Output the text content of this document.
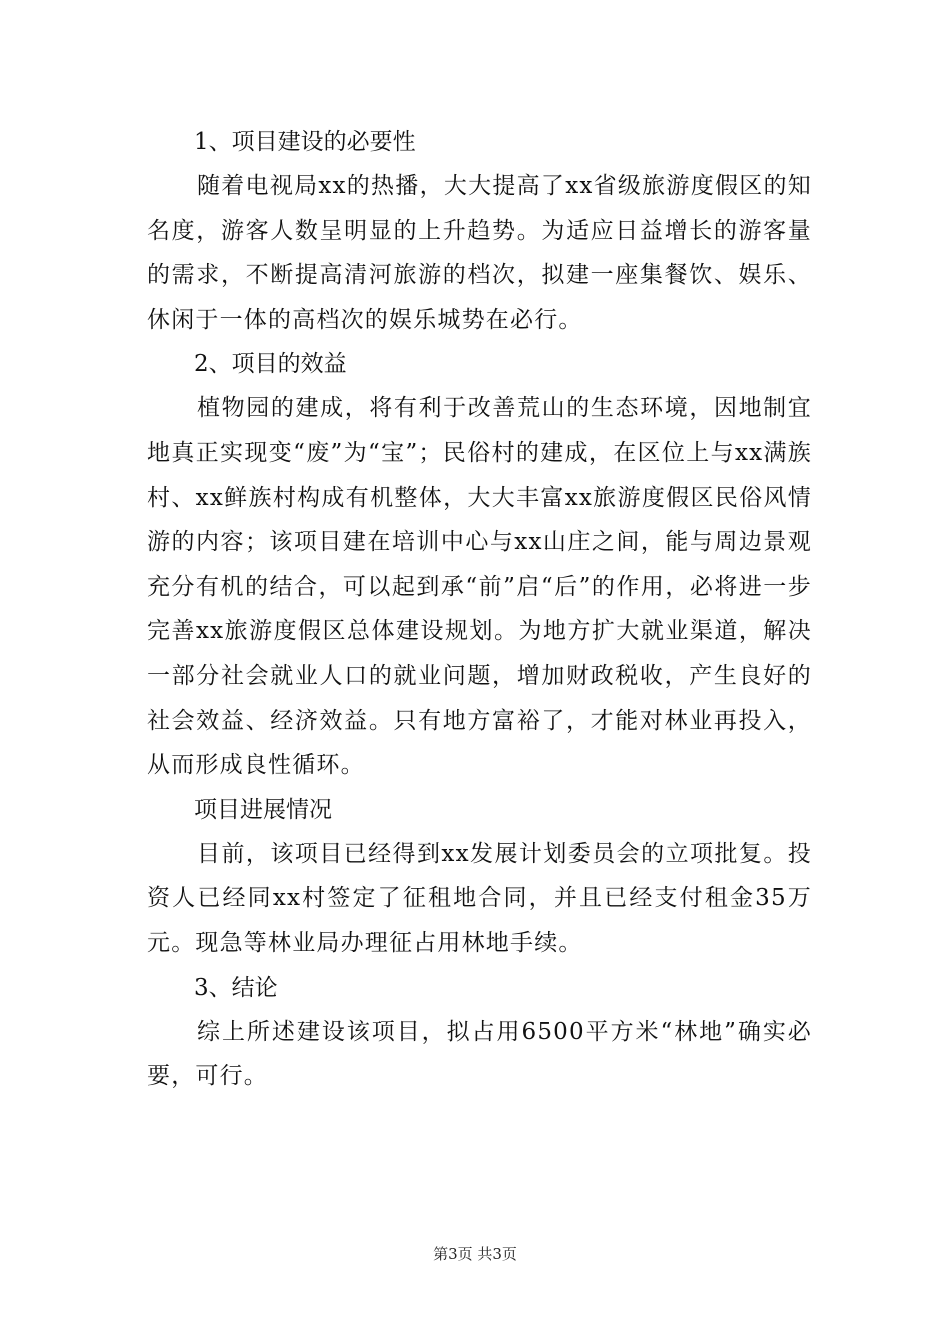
1、项目建设的必要性

随着电视局xx的热播，大大提高了xx省级旅游度假区的知名度，游客人数呈明显的上升趋势。为适应日益增长的游客量的需求，不断提高清河旅游的档次，拟建一座集餐饮、娱乐、休闲于一体的高档次的娱乐城势在必行。

2、项目的效益

植物园的建成，将有利于改善荒山的生态环境，因地制宜地真正实现变“废”为“宝”；民俗村的建成，在区位上与xx满族村、xx鲜族村构成有机整体，大大丰富xx旅游度假区民俗风情游的内容；该项目建在培训中心与xx山庄之间，能与周边景观充分有机的结合，可以起到承“前”启“后”的作用，必将进一步完善xx旅游度假区总体建设规划。为地方扩大就业渠道，解决一部分社会就业人口的就业问题，增加财政税收，产生良好的社会效益、经济效益。只有地方富裕了，才能对林业再投入，从而形成良性循环。

项目进展情况

目前，该项目已经得到xx发展计划委员会的立项批复。投资人已经同xx村签定了征租地合同，并且已经支付租金35万元。现急等林业局办理征占用林地手续。

3、结论

综上所述建设该项目，拟占用6500平方米“林地”确实必要，可行。

第3页 共3页
